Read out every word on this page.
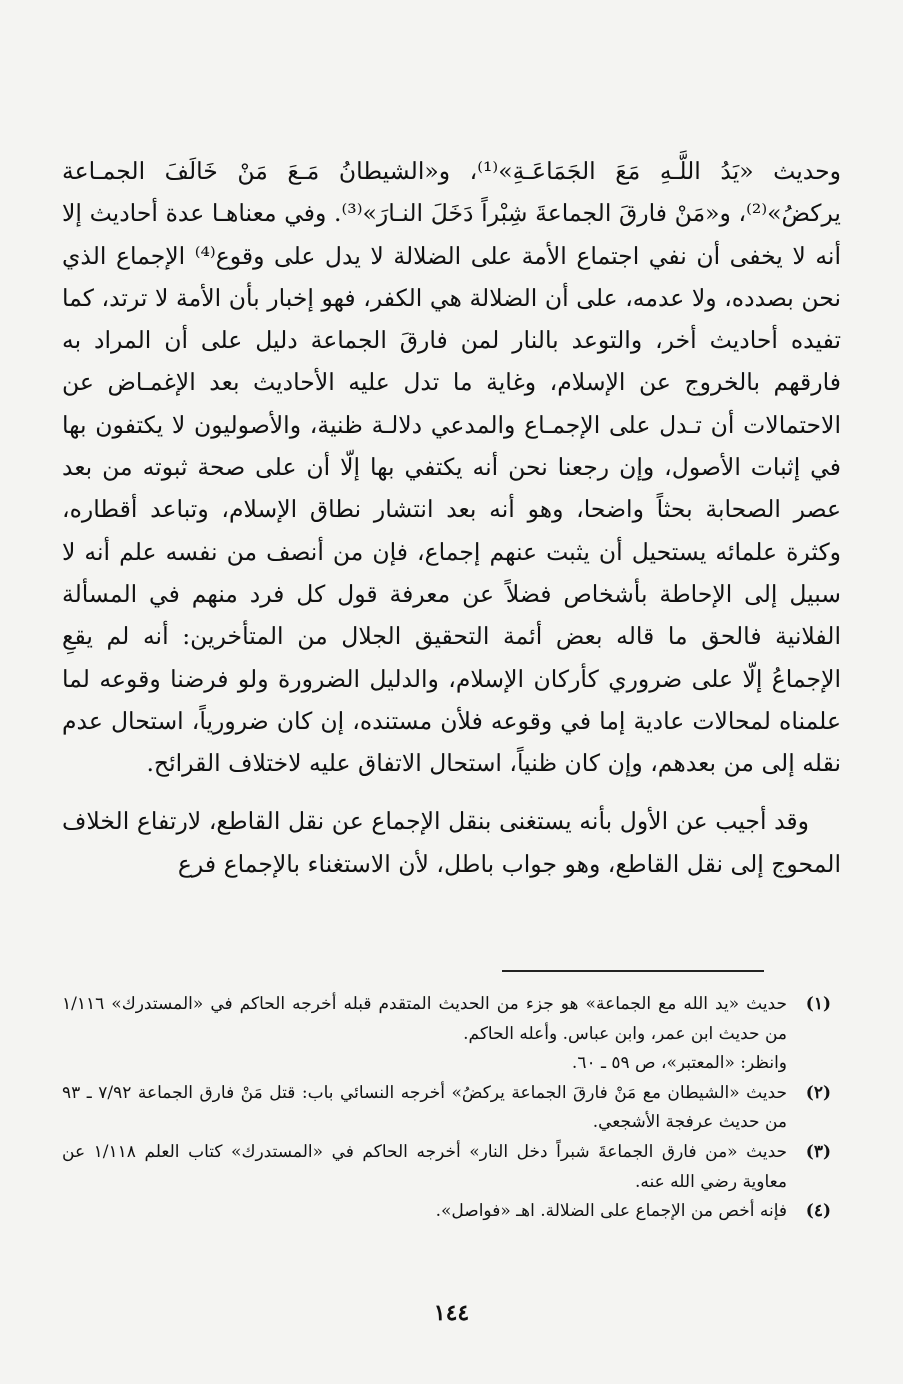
وحديث «يَدُ اللَّـهِ مَعَ الجَمَاعَـةِ»⁽¹⁾، و«الشيطانُ مَـعَ مَنْ خَالَفَ الجمـاعة يركضُ»⁽²⁾، و«مَنْ فارقَ الجماعةَ شِبْراً دَخَلَ النـارَ»⁽³⁾. وفي معناهـا عدة أحاديث إلا أنه لا يخفى أن نفي اجتماع الأمة على الضلالة لا يدل على وقوع⁽⁴⁾ الإجماع الذي نحن بصدده، ولا عدمه، على أن الضلالة هي الكفر، فهو إخبار بأن الأمة لا ترتد، كما تفيده أحاديث أخر، والتوعد بالنار لمن فارقَ الجماعة دليل على أن المراد به فارقهم بالخروج عن الإسلام، وغاية ما تدل عليه الأحاديث بعد الإغمـاض عن الاحتمالات أن تـدل على الإجمـاع والمدعي دلالـة ظنية، والأصوليون لا يكتفون بها في إثبات الأصول، وإن رجعنا نحن أنه يكتفي بها إلّا أن على صحة ثبوته من بعد عصر الصحابة بحثاً واضحا، وهو أنه بعد انتشار نطاق الإسلام، وتباعد أقطاره، وكثرة علمائه يستحيل أن يثبت عنهم إجماع، فإن من أنصف من نفسه علم أنه لا سبيل إلى الإحاطة بأشخاص فضلاً عن معرفة قول كل فرد منهم في المسألة الفلانية فالحق ما قاله بعض أئمة التحقيق الجلال من المتأخرين: أنه لم يقعِ الإجماعُ إلّا على ضروري كأركان الإسلام، والدليل الضرورة ولو فرضنا وقوعه لما علمناه لمحالات عادية إما في وقوعه فلأن مستنده، إن كان ضرورياً، استحال عدم نقله إلى من بعدهم، وإن كان ظنياً، استحال الاتفاق عليه لاختلاف القرائح.

وقد أجيب عن الأول بأنه يستغنى بنقل الإجماع عن نقل القاطع، لارتفاع الخلاف المحوج إلى نقل القاطع، وهو جواب باطل، لأن الاستغناء بالإجماع فرع

(١)
حديث «يد الله مع الجماعة» هو جزء من الحديث المتقدم قبله أخرجه الحاكم في «المستدرك» ١/١١٦ من حديث ابن عمر، وابن عباس. وأعله الحاكم.
وانظر: «المعتبر»، ص ٥٩ ـ ٦٠.
(٢)
حديث «الشيطان مع مَنْ فارقَ الجماعة يركضُ» أخرجه النسائي باب: قتل مَنْ فارق الجماعة ٧/٩٢ ـ ٩٣ من حديث عرفجة الأشجعي.
(٣)
حديث «من فارق الجماعةَ شبراً دخل النار» أخرجه الحاكم في «المستدرك» كتاب العلم ١/١١٨ عن معاوية رضي الله عنه.
(٤)
فإنه أخص من الإجماع على الضلالة. اهـ «فواصل».
١٤٤
